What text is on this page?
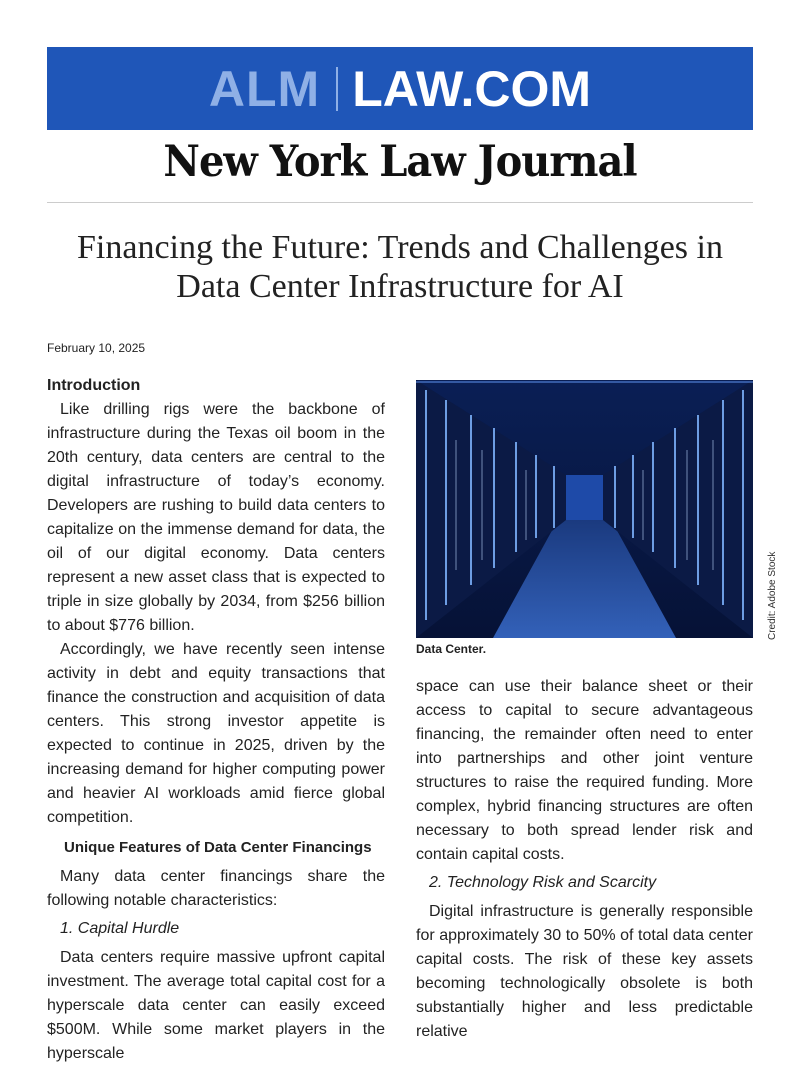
ALM LAW.COM
New York Law Journal
Financing the Future: Trends and Challenges in Data Center Infrastructure for AI
February 10, 2025

Introduction

Like drilling rigs were the backbone of infrastructure during the Texas oil boom in the 20th century, data centers are central to the digital infrastructure of today’s economy. Developers are rushing to build data centers to capitalize on the immense demand for data, the oil of our digital economy. Data centers represent a new asset class that is expected to triple in size globally by 2034, from $256 billion to about $776 billion.

Accordingly, we have recently seen intense activity in debt and equity transactions that finance the construction and acquisition of data centers. This strong investor appetite is expected to continue in 2025, driven by the increasing demand for higher computing power and heavier AI workloads amid fierce global competition.

Unique Features of Data Center Financings

Many data center financings share the following notable characteristics:

1. Capital Hurdle

Data centers require massive upfront capital investment. The average total capital cost for a hyperscale data center can easily exceed $500M. While some market players in the hyperscale

Credit: Adobe Stock
Data Center.

space can use their balance sheet or their access to capital to secure advantageous financing, the remainder often need to enter into partnerships and other joint venture structures to raise the required funding. More complex, hybrid financing structures are often necessary to both spread lender risk and contain capital costs.

2. Technology Risk and Scarcity

Digital infrastructure is generally responsible for approximately 30 to 50% of total data center capital costs. The risk of these key assets becoming technologically obsolete is both substantially higher and less predictable relative
